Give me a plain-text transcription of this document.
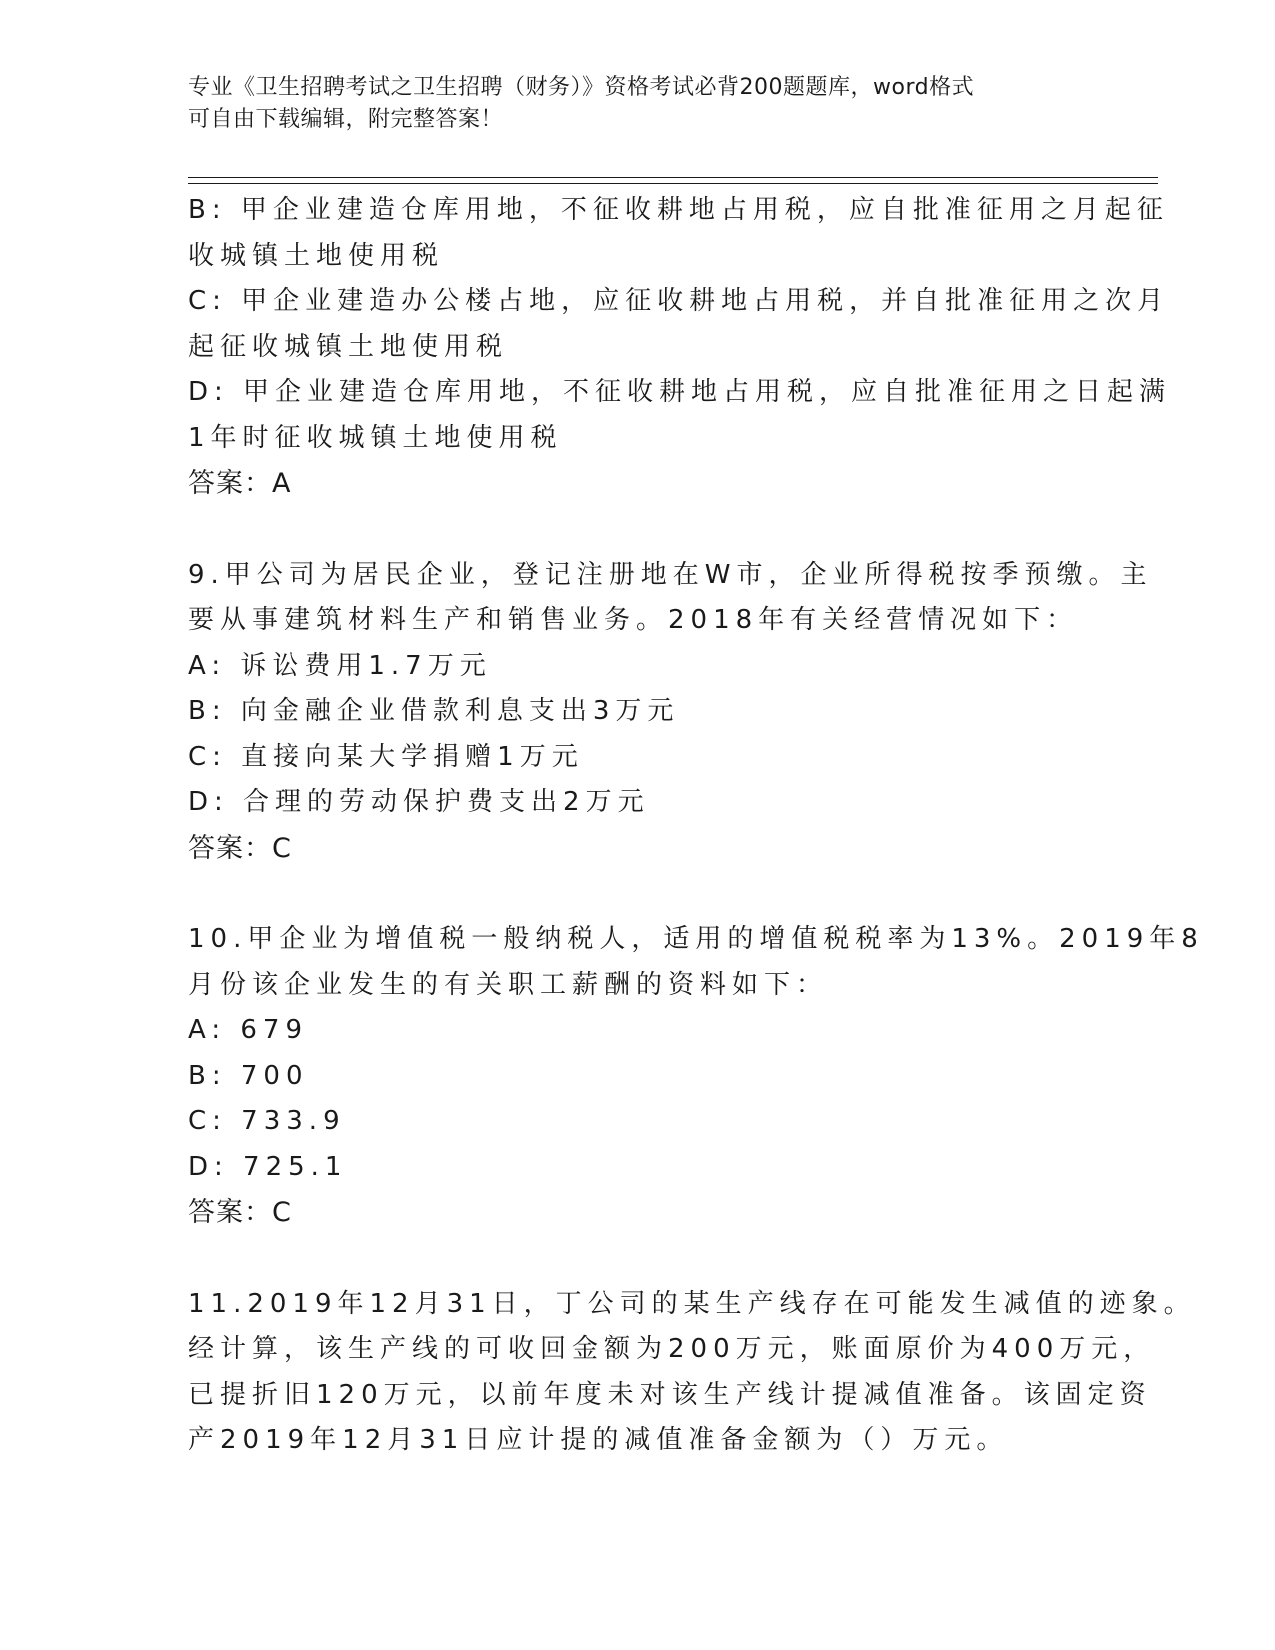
专业《卫生招聘考试之卫生招聘（财务）》资格考试必背200题题库，word格式
可自由下载编辑，附完整答案！
B: 甲企业建造仓库用地，不征收耕地占用税，应自批准征用之月起征
收城镇土地使用税
C: 甲企业建造办公楼占地，应征收耕地占用税，并自批准征用之次月
起征收城镇土地使用税
D: 甲企业建造仓库用地，不征收耕地占用税，应自批准征用之日起满
1年时征收城镇土地使用税
答案：A
9.甲公司为居民企业，登记注册地在W市，企业所得税按季预缴。主
要从事建筑材料生产和销售业务。2018年有关经营情况如下：
A: 诉讼费用1.7万元
B: 向金融企业借款利息支出3万元
C: 直接向某大学捐赠1万元
D: 合理的劳动保护费支出2万元
答案：C
10.甲企业为增值税一般纳税人，适用的增值税税率为13%。2019年8
月份该企业发生的有关职工薪酬的资料如下：
A: 679
B: 700
C: 733.9
D: 725.1
答案：C
11.2019年12月31日，丁公司的某生产线存在可能发生减值的迹象。
经计算，该生产线的可收回金额为200万元，账面原价为400万元，
已提折旧120万元，以前年度未对该生产线计提减值准备。该固定资
产2019年12月31日应计提的减值准备金额为（）万元。
